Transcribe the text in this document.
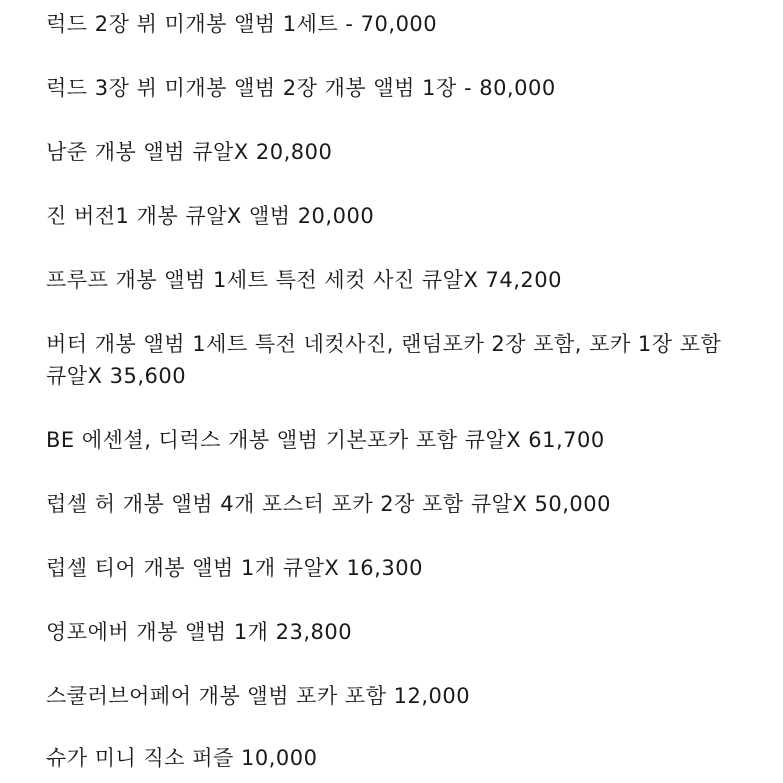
럭드 2장 뷔 미개봉 앨범 1세트 - 70,000
럭드 3장 뷔 미개봉 앨범 2장 개봉 앨범 1장 - 80,000
남준 개봉 앨범 큐알X 20,800
진 버전1 개봉 큐알X 앨범 20,000
프루프 개봉 앨범 1세트 특전 세컷 사진 큐알X 74,200
버터 개봉 앨범 1세트 특전 네컷사진, 랜덤포카 2장 포함, 포카 1장 포함 큐알X 35,600
BE 에센셜, 디럭스 개봉 앨범 기본포카 포함 큐알X 61,700
럽셀 허 개봉 앨범 4개 포스터 포카 2장 포함 큐알X 50,000
럽셀 티어 개봉 앨범 1개 큐알X 16,300
영포에버 개봉 앨범 1개 23,800
스쿨러브어페어 개봉 앨범 포카 포함 12,000
슈가 미니 직소 퍼즐 10,000
